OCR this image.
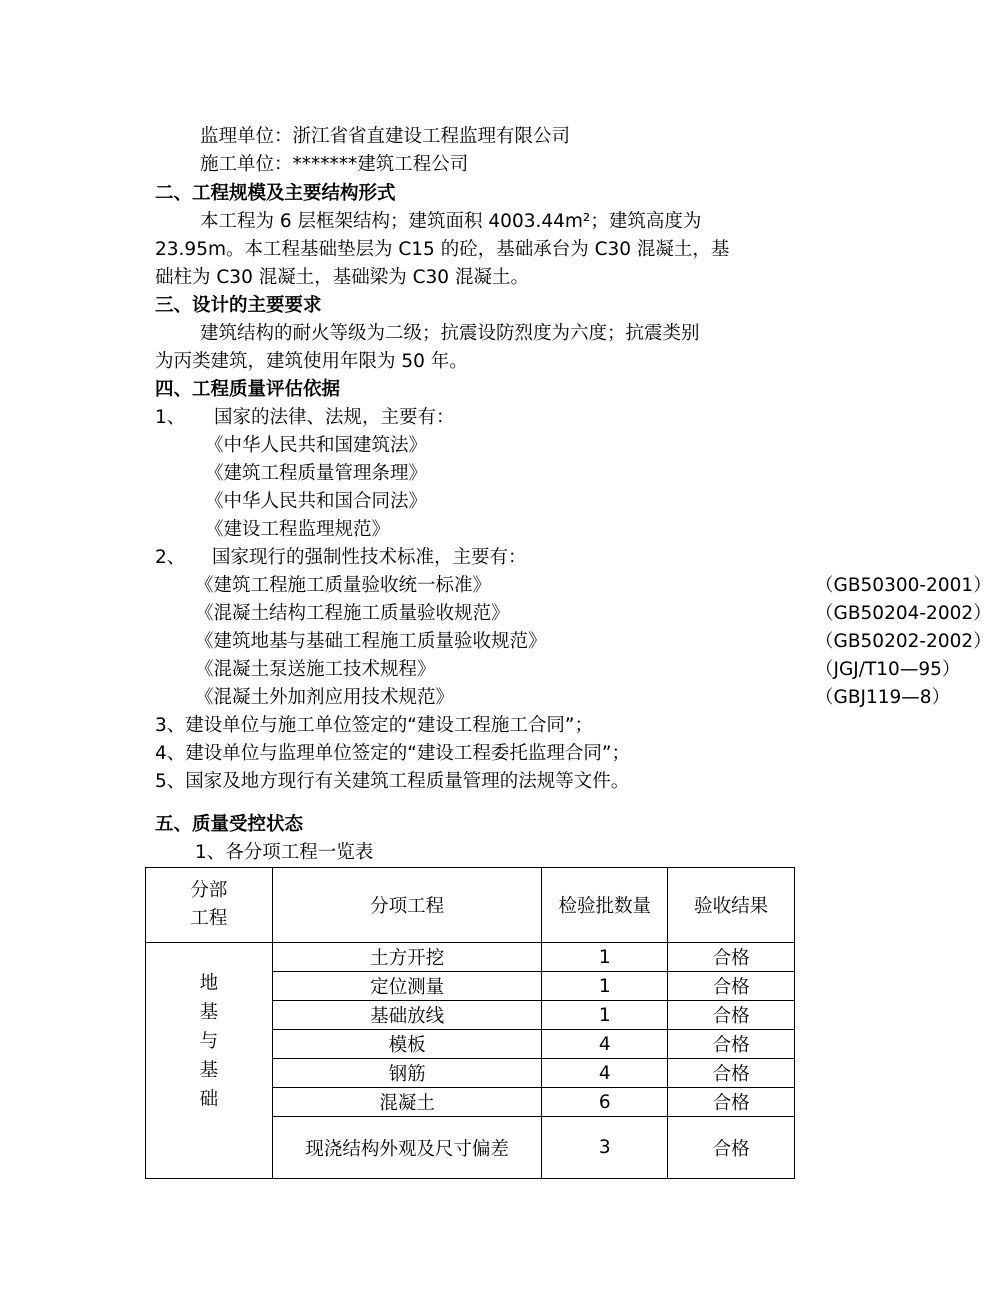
监理单位：浙江省省直建设工程监理有限公司
施工单位：*******建筑工程公司
二、工程规模及主要结构形式
本工程为 6 层框架结构；建筑面积 4003.44m²；建筑高度为
23.95m。本工程基础垫层为 C15 的砼，基础承台为 C30 混凝土，基
础柱为 C30 混凝土，基础梁为 C30 混凝土。
三、设计的主要要求
建筑结构的耐火等级为二级；抗震设防烈度为六度；抗震类别
为丙类建筑，建筑使用年限为 50 年。
四、工程质量评估依据
1、 国家的法律、法规，主要有：
《中华人民共和国建筑法》
《建筑工程质量管理条理》
《中华人民共和国合同法》
《建设工程监理规范》
2、 国家现行的强制性技术标准，主要有：
《建筑工程施工质量验收统一标准》	（GB50300-2001）
《混凝土结构工程施工质量验收规范》	（GB50204-2002）
《建筑地基与基础工程施工质量验收规范》	（GB50202-2002）
《混凝土泵送施工技术规程》	（JGJ/T10—95）
《混凝土外加剂应用技术规范》	（GBJ119—8）
3、建设单位与施工单位签定的“建设工程施工合同”；
4、建设单位与监理单位签定的“建设工程委托监理合同”；
5、国家及地方现行有关建筑工程质量管理的法规等文件。
五、质量受控状态
1、各分项工程一览表
分部
工程	分项工程	检验批数量	验收结果
地
基
与
基
础	土方开挖	1	合格
	定位测量	1	合格
	基础放线	1	合格
	模板	4	合格
	钢筋	4	合格
	混凝土	6	合格
	现浇结构外观及尺寸偏差	3	合格
